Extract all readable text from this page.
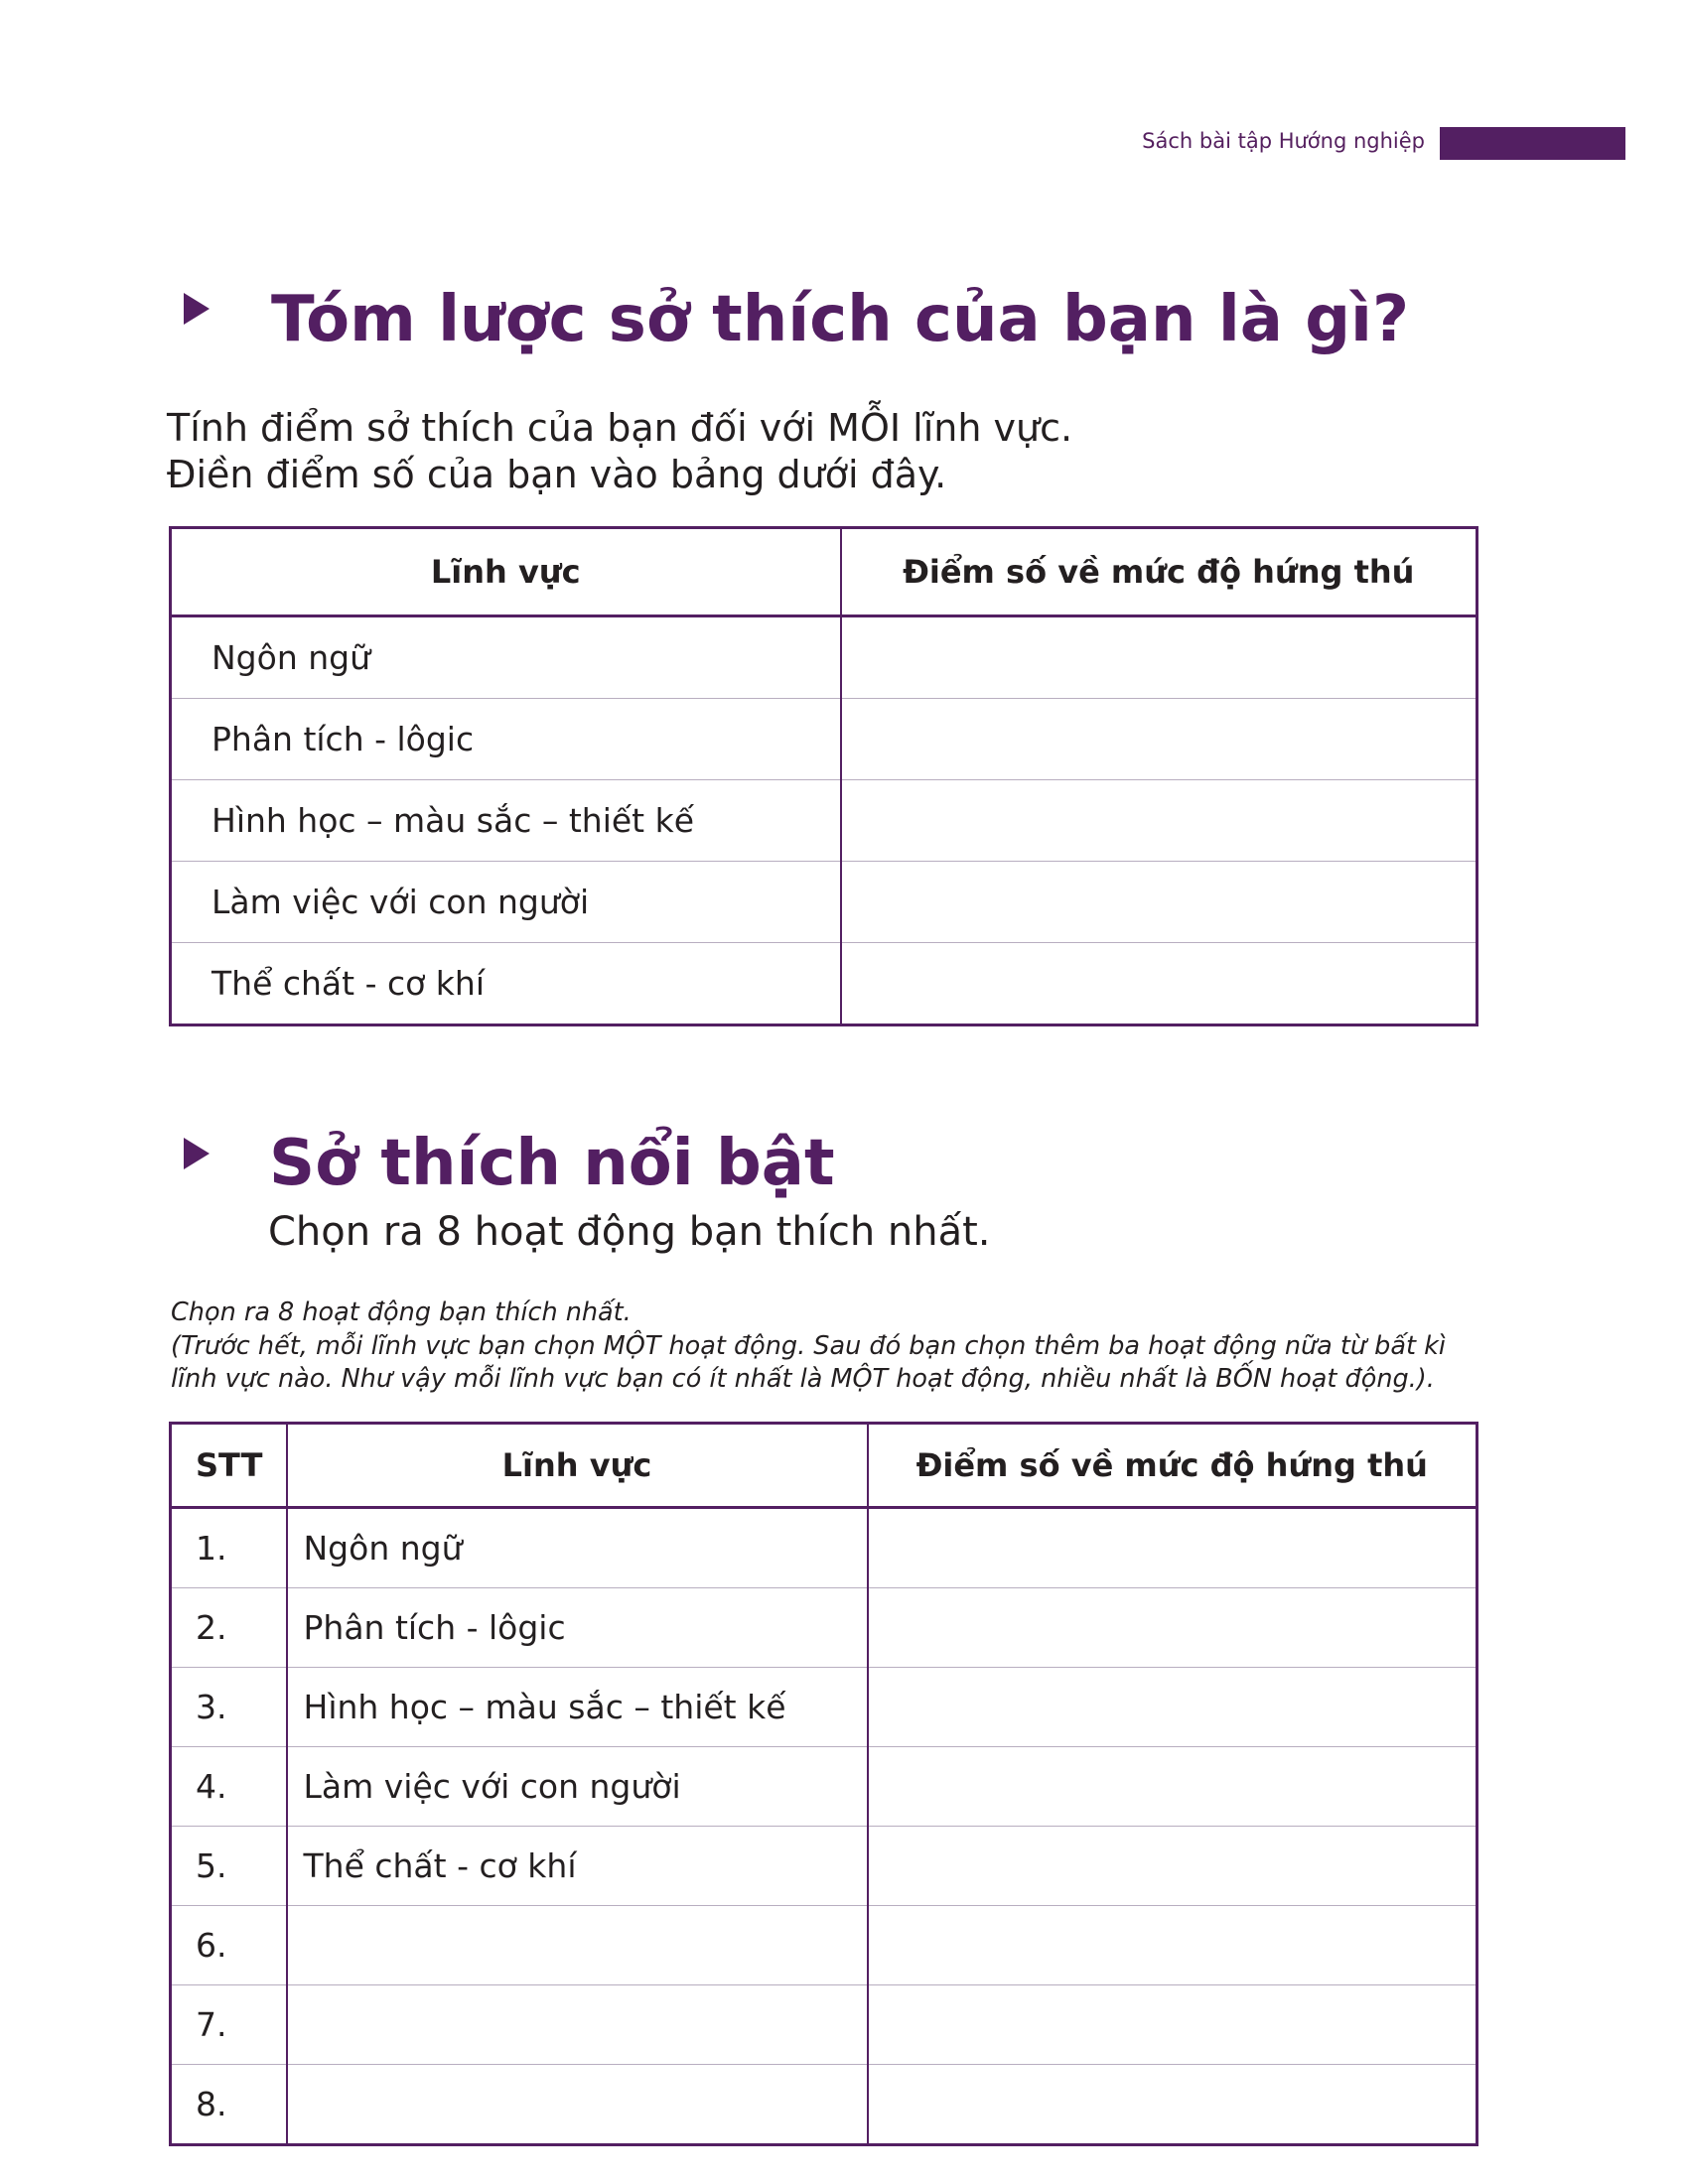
Sách bài tập Hướng nghiệp
Tóm lược sở thích của bạn là gì?
Tính điểm sở thích của bạn đối với MỖI lĩnh vực.
Điền điểm số của bạn vào bảng dưới đây.
Lĩnh vực	Điểm số về mức độ hứng thú
Ngôn ngữ	
Phân tích - lôgic	
Hình học – màu sắc – thiết kế	
Làm việc với con người	
Thể chất - cơ khí	
Sở thích nổi bật
Chọn ra 8 hoạt động bạn thích nhất.
Chọn ra 8 hoạt động bạn thích nhất.
(Trước hết, mỗi lĩnh vực bạn chọn MỘT hoạt động. Sau đó bạn chọn thêm ba hoạt động nữa từ bất kì lĩnh vực nào. Như vậy mỗi lĩnh vực bạn có ít nhất là MỘT hoạt động, nhiều nhất là BỐN hoạt động.).
STT	Lĩnh vực	Điểm số về mức độ hứng thú
1.	Ngôn ngữ	
2.	Phân tích - lôgic	
3.	Hình học – màu sắc – thiết kế	
4.	Làm việc với con người	
5.	Thể chất - cơ khí	
6.		
7.		
8.		
